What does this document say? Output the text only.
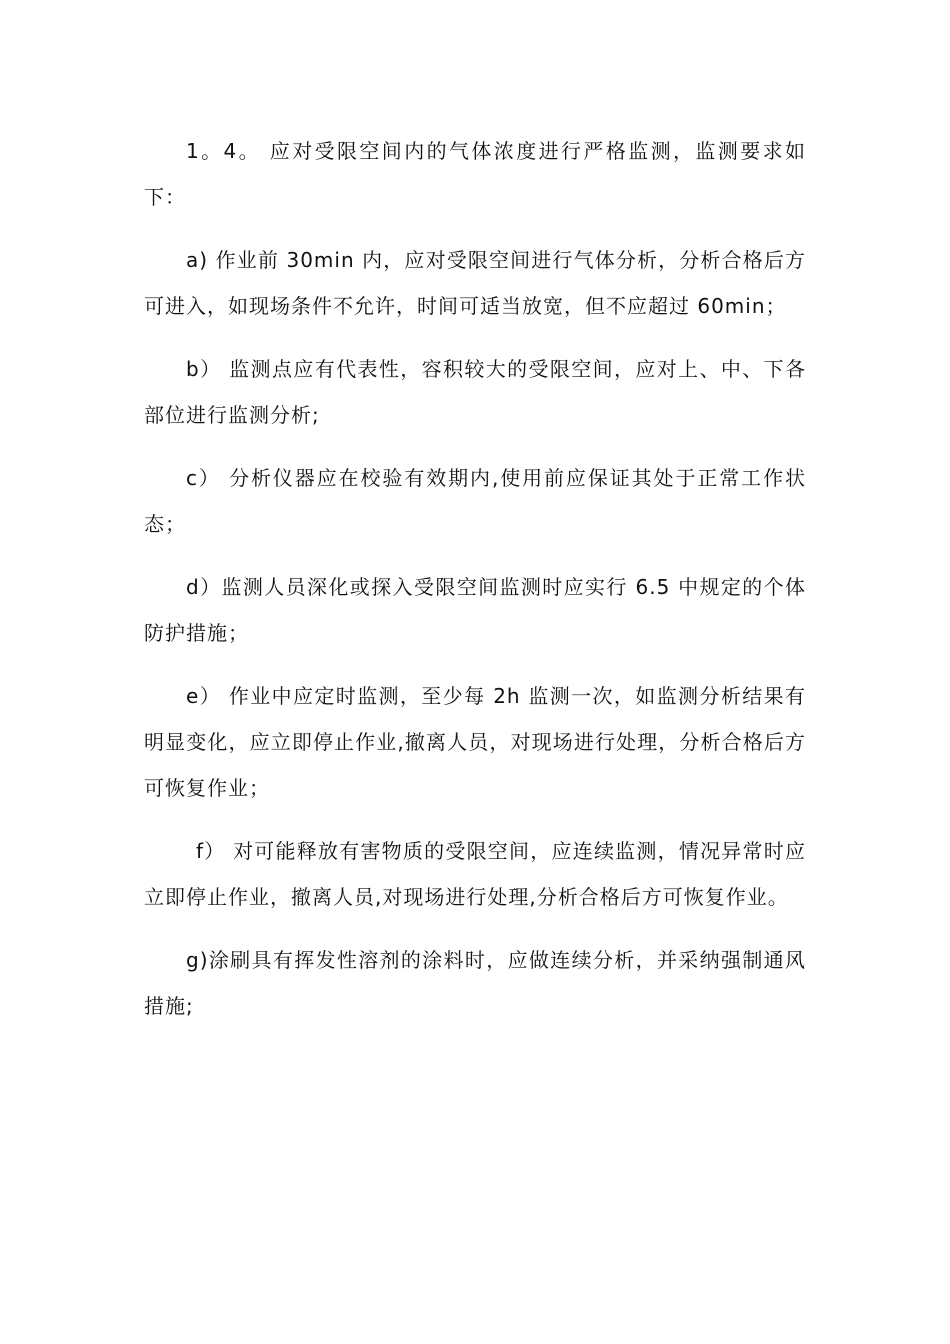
1。4。 应对受限空间内的气体浓度进行严格监测，监测要求如下：

a) 作业前 30min 内，应对受限空间进行气体分析，分析合格后方可进入，如现场条件不允许，时间可适当放宽，但不应超过 60min；

b） 监测点应有代表性，容积较大的受限空间，应对上、中、下各部位进行监测分析;

c） 分析仪器应在校验有效期内,使用前应保证其处于正常工作状态；

d）监测人员深化或探入受限空间监测时应实行 6.5 中规定的个体防护措施；

e） 作业中应定时监测，至少每 2h 监测一次，如监测分析结果有明显变化，应立即停止作业,撤离人员，对现场进行处理，分析合格后方可恢复作业；

f） 对可能释放有害物质的受限空间，应连续监测，情况异常时应立即停止作业，撤离人员,对现场进行处理,分析合格后方可恢复作业。

g)涂刷具有挥发性溶剂的涂料时，应做连续分析，并采纳强制通风措施;
